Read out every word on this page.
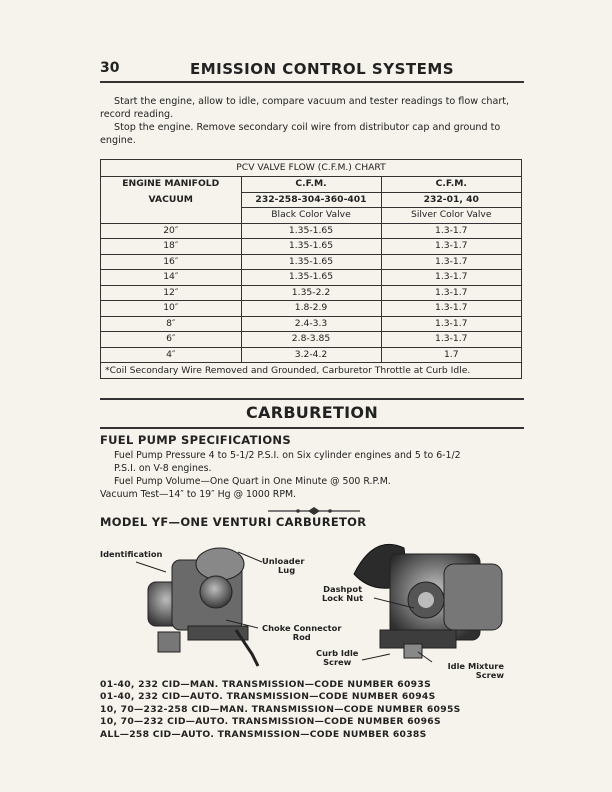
30	EMISSION CONTROL SYSTEMS

Start the engine, allow to idle, compare vacuum and tester readings to flow chart,
record reading.

Stop the engine. Remove secondary coil wire from distributor cap and ground to
engine.

PCV VALVE FLOW (C.F.M.) CHART		
ENGINE MANIFOLD	C.F.M.	C.F.M.
VACUUM	232-258-304-360-401	232-01, 40
	Black Color Valve	Silver Color Valve
20″	1.35-1.65	1.3-1.7
18″	1.35-1.65	1.3-1.7
16″	1.35-1.65	1.3-1.7
14″	1.35-1.65	1.3-1.7
12″	1.35-2.2	1.3-1.7
10″	1.8-2.9	1.3-1.7
8″	2.4-3.3	1.3-1.7
6″	2.8-3.85	1.3-1.7
4″	3.2-4.2	1.7
*Coil Secondary Wire Removed and Grounded, Carburetor Throttle at Curb Idle.		
CARBURETION
FUEL PUMP SPECIFICATIONS

Fuel Pump Pressure 4 to 5-1/2 P.S.I. on Six cylinder engines and 5 to 6-1/2
P.S.I. on V-8 engines.
Fuel Pump Volume—One Quart in One Minute @ 500 R.P.M.
Vacuum Test—14″ to 19″ Hg @ 1000 RPM.

MODEL YF—ONE VENTURI CARBURETOR
Identification
Unloader
Lug
Choke Connector
Rod
Dashpot
Lock Nut
Curb Idle
Screw	Idle Mixture
Screw
01-40, 232 CID—MAN. TRANSMISSION—CODE NUMBER 6093S
01-40, 232 CID—AUTO. TRANSMISSION—CODE NUMBER 6094S
10, 70—232-258 CID—MAN. TRANSMISSION—CODE NUMBER 6095S
10, 70—232 CID—AUTO. TRANSMISSION—CODE NUMBER 6096S
ALL—258 CID—AUTO. TRANSMISSION—CODE NUMBER 6038S
